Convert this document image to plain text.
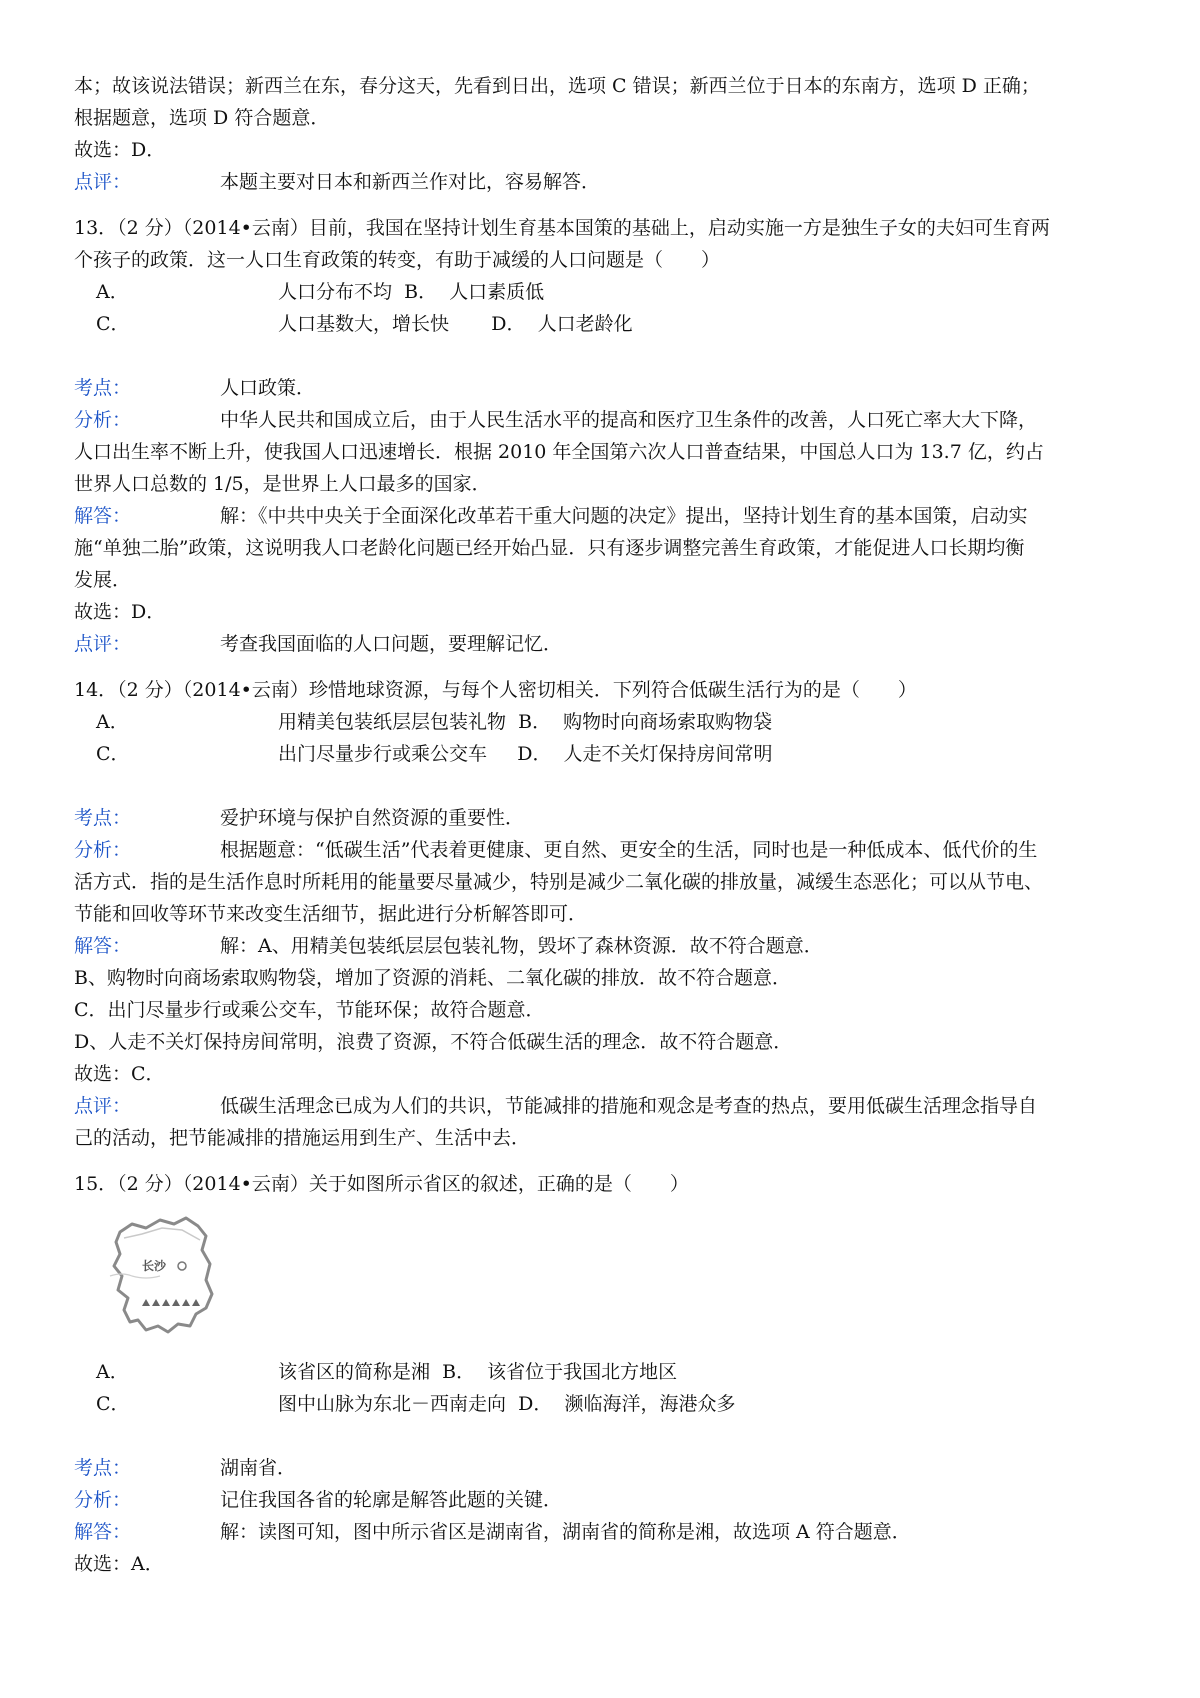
本；故该说法错误；新西兰在东，春分这天，先看到日出，选项 C 错误；新西兰位于日本的东南方，选项 D 正确；
根据题意，选项 D 符合题意．
故选：D．
点评：	本题主要对日本和新西兰作对比，容易解答．
13．（2 分）（2014•云南）目前，我国在坚持计划生育基本国策的基础上，启动实施一方是独生子女的夫妇可生育两
个孩子的政策．这一人口生育政策的转变，有助于减缓的人口问题是（　　）
A．	人口分布不均 B． 人口素质低
C．	人口基数大，增长快 D． 人口老龄化
考点：	人口政策．
分析：	中华人民共和国成立后，由于人民生活水平的提高和医疗卫生条件的改善，人口死亡率大大下降，
人口出生率不断上升，使我国人口迅速增长．根据 2010 年全国第六次人口普查结果，中国总人口为 13.7 亿，约占
世界人口总数的 1/5，是世界上人口最多的国家．
解答：	解：《中共中央关于全面深化改革若干重大问题的决定》提出，坚持计划生育的基本国策，启动实
施“单独二胎”政策，这说明我人口老龄化问题已经开始凸显．只有逐步调整完善生育政策，才能促进人口长期均衡
发展．
故选：D．
点评：	考查我国面临的人口问题，要理解记忆．
14．（2 分）（2014•云南）珍惜地球资源，与每个人密切相关．下列符合低碳生活行为的是（　　）
A．	用精美包装纸层层包装礼物 B． 购物时向商场索取购物袋
C．	出门尽量步行或乘公交车 D． 人走不关灯保持房间常明
考点：	爱护环境与保护自然资源的重要性．
分析：	根据题意：“低碳生活”代表着更健康、更自然、更安全的生活，同时也是一种低成本、低代价的生
活方式．指的是生活作息时所耗用的能量要尽量减少，特别是减少二氧化碳的排放量，减缓生态恶化；可以从节电、
节能和回收等环节来改变生活细节，据此进行分析解答即可．
解答：	解：A、用精美包装纸层层包装礼物，毁坏了森林资源．故不符合题意．
B、购物时向商场索取购物袋，增加了资源的消耗、二氧化碳的排放．故不符合题意．
C．出门尽量步行或乘公交车，节能环保；故符合题意．
D、人走不关灯保持房间常明，浪费了资源，不符合低碳生活的理念．故不符合题意．
故选：C．
点评：	低碳生活理念已成为人们的共识，节能减排的措施和观念是考查的热点，要用低碳生活理念指导自
己的活动，把节能减排的措施运用到生产、生活中去．
15．（2 分）（2014•云南）关于如图所示省区的叙述，正确的是（　　）
长沙
A．	该省区的简称是湘 B． 该省位于我国北方地区
C．	图中山脉为东北－西南走向 D． 濒临海洋，海港众多
考点：	湖南省．
分析：	记住我国各省的轮廓是解答此题的关键．
解答：	解：读图可知，图中所示省区是湖南省，湖南省的简称是湘，故选项 A 符合题意．
故选：A．
